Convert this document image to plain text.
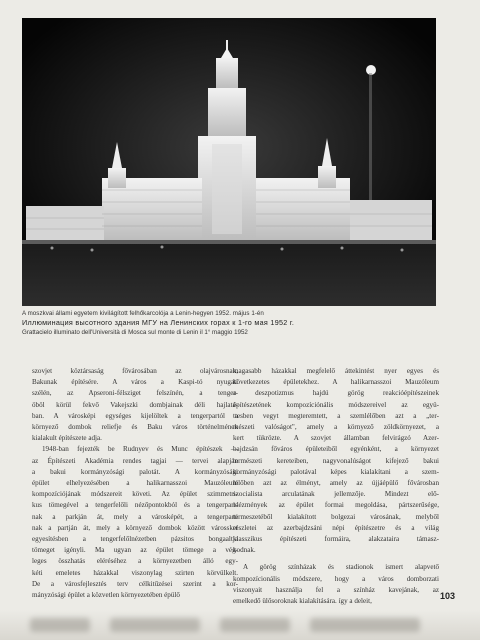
A moszkvai állami egyetem kivilágított felhőkarcolója a Lenin-hegyen 1952. május 1-én
Иллюминация высотного здания МГУ на Ленинских горах к 1-го мая 1952 г.
Grattacielo illuminato dell'Università di Mosca sul monte di Lenin il 1° maggio 1952
szovjet köztársaság fővárosában az olajvárosnak,
Bakunak építésére. A város a Kaspi-tó nyugati
szélén, az Apseroni-félsziget felszínén, a tenger-
öböl körül fekvő Vakejszki dombjainak déli hajlatá-
ban. A városképi egységes kijelöltek a tengerpartól a
környező dombok reliefje és Baku város történelmének
kialakult építészete adja.
1948-ban fejezték be Rudnyev és Munc építészek —
az Építészeti Akadémia rendes tagjai — tervei alapján
a bakui kormányzósági palotát. A kormányzósági
épület elhelyezésében a halikarnasszoi Mauzóleum
kompozíciójának módszereit követi. Az épület szimmetri-
kus tömegével a tengerfelőli nézőpontokból és a tengerpart-
nak a parkján át, mely a városképét, a tengerparti
nak a partján át, mely a környező dombok között várossket
egyesítésben a tengerfelőlnézetben pázsitos bongaaltja
tömeget igényli. Ma ugyan az épület tömege a vég-
leges összhatás eléréséhez a környezetben álló egy-
kéti emeletes házakkal viszonylag szirten körvülkelt.
De a városfejlesztés terv célkitűzései szerint a kor-
mányzósági épület a közvetlen környezetében épülő
magasabb házakkal megfelelő áttekintést nyer egyes és
következetes épületekhez. A halikarnasszoi Mauzóleum
a deszpotizmus hajdú görög reakcióépítészeinek
építészetének kompozíciónális módszereivel az együ-
ttesben vegyt megteremtett, a szemlélőben azt a „ter-
mészeti valóságot", amely a környező zöldkörnyezet, a
kert tükrözte. A szovjet államban felvirágzó Azer-
bajdzsán főváros épületeiből egyénként, a környezet
természeti kereteiben, nagyvonalúságot kifejező bakui
kormányzósági palotával képes kialakítani a szem-
lélőben azt az élményt, amely az újjáépülő fővárosban
szocialista arculatának jellemzője. Mindezt elő-
idézmények az épület formai megoldása, pártszerűsége,
termeszetéből kialakított bolgezai városának, melyből
részletei az azerbajdzsáni népi építészetre és a világ
klasszikus építészeti formáira, alakzataira támasz-
kodnak.
A görög színházak és stadionok ismert alapvető
kompozícionális módszere, hogy a város domborzati
viszonyait használja fel a színház kavejának, az
emelkedő ülősoroknak kialakítására. így a deleit,
103
